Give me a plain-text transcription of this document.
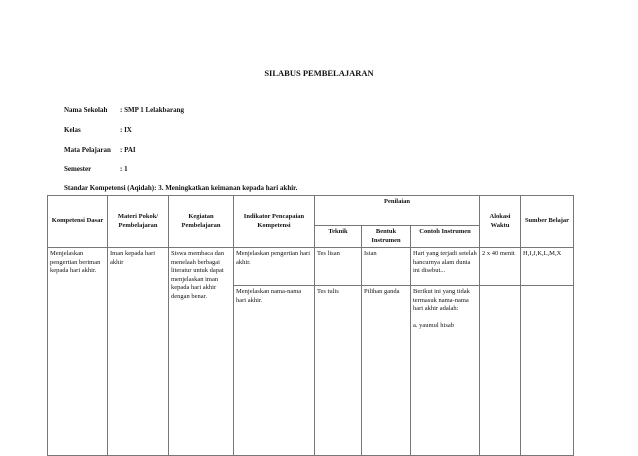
SILABUS PEMBELAJARAN
Nama Sekolah : SMP 1 Lelakbarang
Kelas	: IX
Mata Pelajaran : PAI
Semester	: 1
Standar Kompetensi (Aqidah): 3. Meningkatkan keimanan kepada hari akhir.
Kompetensi Dasar	Materi Pokok/ Pembelajaran	Kegiatan Pembelajaran	Indikator Pencapaian Kompetensi	Penilaian			Alokasi Waktu	Sumber Belajar
				Teknik	Bentuk Instrumen	Contoh Instrumen		
Menjelaskan pengertian beriman kepada hari akhir.	Iman kepada hari akhir	Siswa membaca dan menelaah berbagai literatur untuk dapat menjelaskan iman kepada hari akhir dengan benar.	Menjelaskan pengertian hari akhir.	Tes lisan	Isian	Hari yang terjadi setelah hancurnya alam dunia ini disebut...	2 x 40 menit	H,I,J,K,L,M,X
			Menjelaskan nama-nama hari akhir.	Tes tulis	Pilihan ganda	Berikut ini yang tidak termasuk nama-nama hari akhir adalah:
a. yaumul hisab		
